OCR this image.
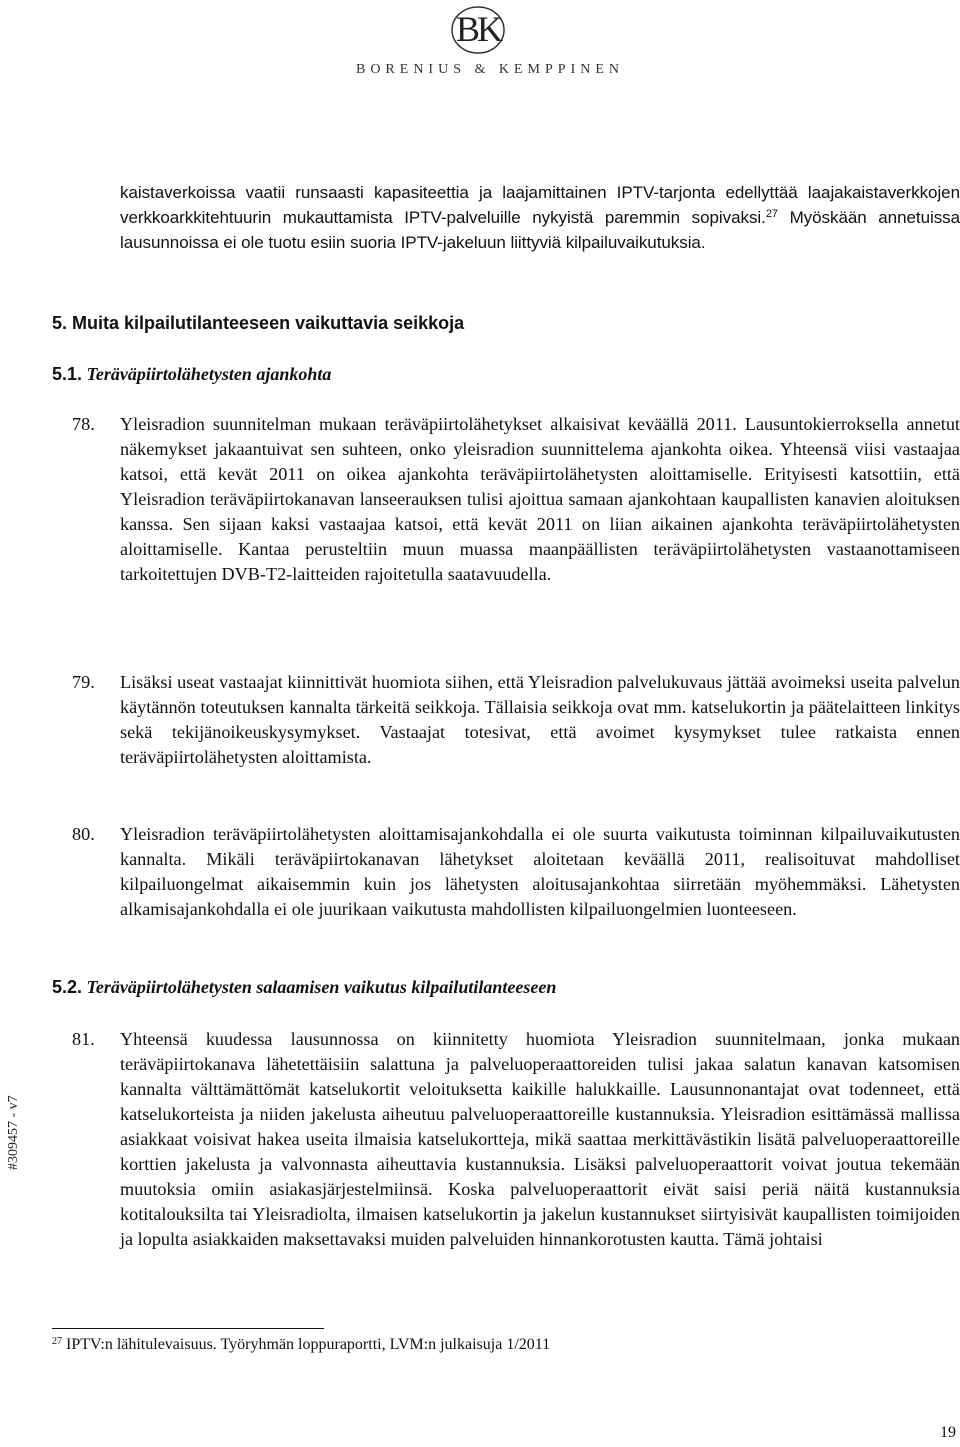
BK
BORENIUS & KEMPPINEN

kaistaverkoissa vaatii runsaasti kapasiteettia ja laajamittainen IPTV-tarjonta edellyttää laajakaistaverkkojen verkkoarkkitehtuurin mukauttamista IPTV-palveluille nykyistä paremmin sopivaksi.$^{27}$ Myöskään annetuissa lausunnoissa ei ole tuotu esiin suoria IPTV-jakeluun liittyviä kilpailuvaikutuksia.

5. Muita kilpailutilanteeseen vaikuttavia seikkoja
5.1. Teräväpiirtolähetysten ajankohta
78. Yleisradion suunnitelman mukaan teräväpiirtolähetykset alkaisivat keväällä 2011. Lausuntokierroksella annetut näkemykset jakaantuivat sen suhteen, onko yleisradion suunnittelema ajankohta oikea. Yhteensä viisi vastaajaa katsoi, että kevät 2011 on oikea ajankohta teräväpiirtolähetysten aloittamiselle. Erityisesti katsottiin, että Yleisradion teräväpiirtokanavan lanseerauksen tulisi ajoittua samaan ajankohtaan kaupallisten kanavien aloituksen kanssa. Sen sijaan kaksi vastaajaa katsoi, että kevät 2011 on liian aikainen ajankohta teräväpiirtolähetysten aloittamiselle. Kantaa perusteltiin muun muassa maanpäällisten teräväpiirtolähetysten vastaanottamiseen tarkoitettujen DVB-T2-laitteiden rajoitetulla saatavuudella.

79. Lisäksi useat vastaajat kiinnittivät huomiota siihen, että Yleisradion palvelukuvaus jättää avoimeksi useita palvelun käytännön toteutuksen kannalta tärkeitä seikkoja. Tällaisia seikkoja ovat mm. katselukortin ja päätelaitteen linkitys sekä tekijänoikeuskysymykset. Vastaajat totesivat, että avoimet kysymykset tulee ratkaista ennen teräväpiirtolähetysten aloittamista.

80. Yleisradion teräväpiirtolähetysten aloittamisajankohdalla ei ole suurta vaikutusta toiminnan kilpailuvaikutusten kannalta. Mikäli teräväpiirtokanavan lähetykset aloitetaan keväällä 2011, realisoituvat mahdolliset kilpailuongelmat aikaisemmin kuin jos lähetysten aloitusajankohtaa siirretään myöhemmäksi. Lähetysten alkamisajankohdalla ei ole juurikaan vaikutusta mahdollisten kilpailuongelmien luonteeseen.

5.2. Teräväpiirtolähetysten salaamisen vaikutus kilpailutilanteeseen
81. Yhteensä kuudessa lausunnossa on kiinnitetty huomiota Yleisradion suunnitelmaan, jonka mukaan teräväpiirtokanava lähetettäisiin salattuna ja palveluoperaattoreiden tulisi jakaa salatun kanavan katsomisen kannalta välttämättömät katselukortit veloituksetta kaikille halukkaille. Lausunnonantajat ovat todenneet, että katselukorteista ja niiden jakelusta aiheutuu palveluoperaattoreille kustannuksia. Yleisradion esittämässä mallissa asiakkaat voisivat hakea useita ilmaisia katselukortteja, mikä saattaa merkittävästikin lisätä palveluoperaattoreille korttien jakelusta ja valvonnasta aiheuttavia kustannuksia. Lisäksi palveluoperaattorit voivat joutua tekemään muutoksia omiin asiakasjärjestelmiinsä. Koska palveluoperaattorit eivät saisi periä näitä kustannuksia kotitalouksilta tai Yleisradiolta, ilmaisen katselukortin ja jakelun kustannukset siirtyisivät kaupallisten toimijoiden ja lopulta asiakkaiden maksettavaksi muiden palveluiden hinnankorotusten kautta. Tämä johtaisi

#309457 - v7
$^{27}$ IPTV:n lähitulevaisuus. Työryhmän loppuraportti, LVM:n julkaisuja 1/2011
19
